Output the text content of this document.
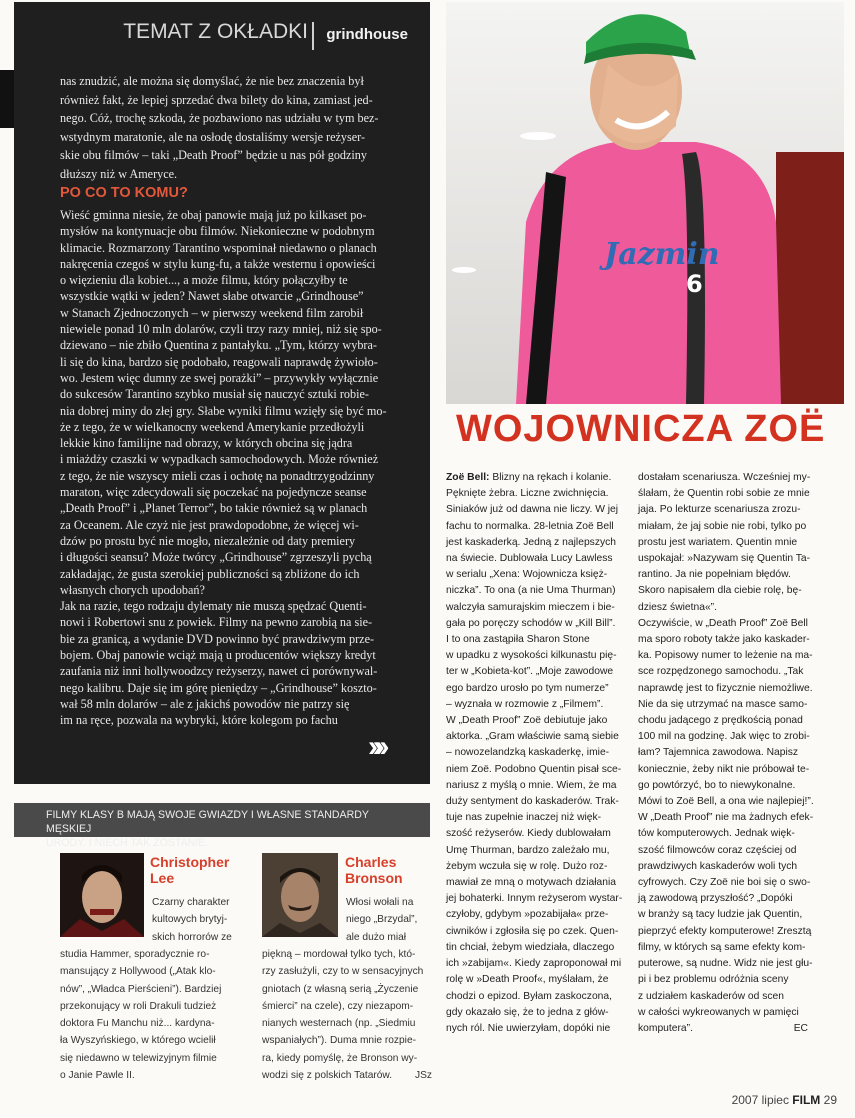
TEMAT Z OKŁADKI grindhouse

nas znudzić, ale można się domyślać, że nie bez znaczenia był

również fakt, że lepiej sprzedać dwa bilety do kina, zamiast jed-

nego. Cóż, trochę szkoda, że pozbawiono nas udziału w tym bez-

wstydnym maratonie, ale na osłodę dostaliśmy wersje reżyser-

skie obu filmów – taki „Death Proof” będzie u nas pół godziny

dłuższy niż w Ameryce.

PO CO TO KOMU?

Wieść gminna niesie, że obaj panowie mają już po kilkaset po-

mysłów na kontynuacje obu filmów. Niekonieczne w podobnym

klimacie. Rozmarzony Tarantino wspominał niedawno o planach

nakręcenia czegoś w stylu kung-fu, a także westernu i opowieści

o więzieniu dla kobiet..., a może filmu, który połączyłby te

wszystkie wątki w jeden? Nawet słabe otwarcie „Grindhouse”

w Stanach Zjednoczonych – w pierwszy weekend film zarobił

niewiele ponad 10 mln dolarów, czyli trzy razy mniej, niż się spo-

dziewano – nie zbiło Quentina z pantałyku. „Tym, którzy wybra-

li się do kina, bardzo się podobało, reagowali naprawdę żywioło-

wo. Jestem więc dumny ze swej porażki” – przywykły wyłącznie

do sukcesów Tarantino szybko musiał się nauczyć sztuki robie-

nia dobrej miny do złej gry. Słabe wyniki filmu wzięły się być mo-

że z tego, że w wielkanocny weekend Amerykanie przedłożyli

lekkie kino familijne nad obrazy, w których obcina się jądra

i miażdży czaszki w wypadkach samochodowych. Może również

z tego, że nie wszyscy mieli czas i ochotę na ponadtrzygodzinny

maraton, więc zdecydowali się poczekać na pojedyncze seanse

„Death Proof” i „Planet Terror”, bo takie również są w planach

za Oceanem. Ale czyż nie jest prawdopodobne, że więcej wi-

dzów po prostu być nie mogło, niezależnie od daty premiery

i długości seansu? Może twórcy „Grindhouse” zgrzeszyli pychą

zakładając, że gusta szerokiej publiczności są zbliżone do ich

własnych chorych upodobań?

Jak na razie, tego rodzaju dylematy nie muszą spędzać Quenti-

nowi i Robertowi snu z powiek. Filmy na pewno zarobią na sie-

bie za granicą, a wydanie DVD powinno być prawdziwym prze-

bojem. Obaj panowie wciąż mają u producentów większy kredyt

zaufania niż inni hollywoodzcy reżyserzy, nawet ci porównywal-

nego kalibru. Daje się im górę pieniędzy – „Grindhouse” koszto-

wał 58 mln dolarów – ale z jakichś powodów nie patrzy się

im na ręce, pozwala na wybryki, które kolegom po fachu

»»
FILMY KLASY B MAJĄ SWOJE GWIAZDY I WŁASNE STANDARDY MĘSKIEJ
URODY. I NIECH TAK ZOSTANIE.
Christopher
Lee
Czarny charakter
kultowych brytyj-
skich horrorów ze
studia Hammer, sporadycznie ro-
mansujący z Hollywood („Atak klo-
nów”, „Władca Pierścieni”). Bardziej
przekonujący w roli Drakuli tudzież
doktora Fu Manchu niż... kardyna-
ła Wyszyńskiego, w którego wcielił
się niedawno w telewizyjnym filmie
o Janie Pawle II.
Charles
Bronson
Włosi wołali na
niego „Brzydal”,
ale dużo miał
piękną – mordował tylko tych, któ-
rzy zasłużyli, czy to w sensacyjnych
gniotach (z własną serią „Życzenie
śmierci” na czele), czy niezapom-
nianych westernach (np. „Siedmiu
wspaniałych”). Duma mnie rozpie-
ra, kiedy pomyślę, że Bronson wy-
wodzi się z polskich Tatarów. JSz
Jazmin
6
WOJOWNICZA ZOË
Zoë Bell: Blizny na rękach i kolanie.
Pęknięte żebra. Liczne zwichnięcia.
Siniaków już od dawna nie liczy. W jej
fachu to normalka. 28-letnia Zoë Bell
jest kaskaderką. Jedną z najlepszych
na świecie. Dublowała Lucy Lawless
w serialu „Xena: Wojownicza księż-
niczka”. To ona (a nie Uma Thurman)
walczyła samurajskim mieczem i bie-
gała po poręczy schodów w „Kill Bill”.
I to ona zastąpiła Sharon Stone
w upadku z wysokości kilkunastu pię-
ter w „Kobieta-kot”. „Moje zawodowe
ego bardzo urosło po tym numerze”
– wyznała w rozmowie z „Filmem”.
W „Death Proof” Zoë debiutuje jako
aktorka. „Gram właściwie samą siebie
– nowozelandzką kaskaderkę, imie-
niem Zoë. Podobno Quentin pisał sce-
nariusz z myślą o mnie. Wiem, że ma
duży sentyment do kaskaderów. Trak-
tuje nas zupełnie inaczej niż więk-
szość reżyserów. Kiedy dublowałam
Umę Thurman, bardzo zależało mu,
żebym wczuła się w rolę. Dużo roz-
mawiał ze mną o motywach działania
jej bohaterki. Innym reżyserom wystar-
czyłoby, gdybym »pozabijała« prze-
ciwników i zgłosiła się po czek. Quen-
tin chciał, żebym wiedziała, dlaczego
ich »zabijam«. Kiedy zaproponował mi
rolę w »Death Proof«, myślałam, że
chodzi o epizod. Byłam zaskoczona,
gdy okazało się, że to jedna z głów-
nych ról. Nie uwierzyłam, dopóki nie
dostałam scenariusza. Wcześniej my-
ślałam, że Quentin robi sobie ze mnie
jaja. Po lekturze scenariusza zrozu-
miałam, że jaj sobie nie robi, tylko po
prostu jest wariatem. Quentin mnie
uspokajał: »Nazywam się Quentin Ta-
rantino. Ja nie popełniam błędów.
Skoro napisałem dla ciebie rolę, bę-
dziesz świetna«”.
Oczywiście, w „Death Proof” Zoë Bell
ma sporo roboty także jako kaskader-
ka. Popisowy numer to leżenie na ma-
sce rozpędzonego samochodu. „Tak
naprawdę jest to fizycznie niemożliwe.
Nie da się utrzymać na masce samo-
chodu jadącego z prędkością ponad
100 mil na godzinę. Jak więc to zrobi-
łam? Tajemnica zawodowa. Napisz
koniecznie, żeby nikt nie próbował te-
go powtórzyć, bo to niewykonalne.
Mówi to Zoë Bell, a ona wie najlepiej!”.
W „Death Proof” nie ma żadnych efek-
tów komputerowych. Jednak więk-
szość filmowców coraz częściej od
prawdziwych kaskaderów woli tych
cyfrowych. Czy Zoë nie boi się o swo-
ją zawodową przyszłość? „Dopóki
w branży są tacy ludzie jak Quentin,
pieprzyć efekty komputerowe! Zresztą
filmy, w których są same efekty kom-
puterowe, są nudne. Widz nie jest głu-
pi i bez problemu odróżnia sceny
z udziałem kaskaderów od scen
w całości wykreowanych w pamięci
komputera”.	EC
2007 lipiec FILM 29
